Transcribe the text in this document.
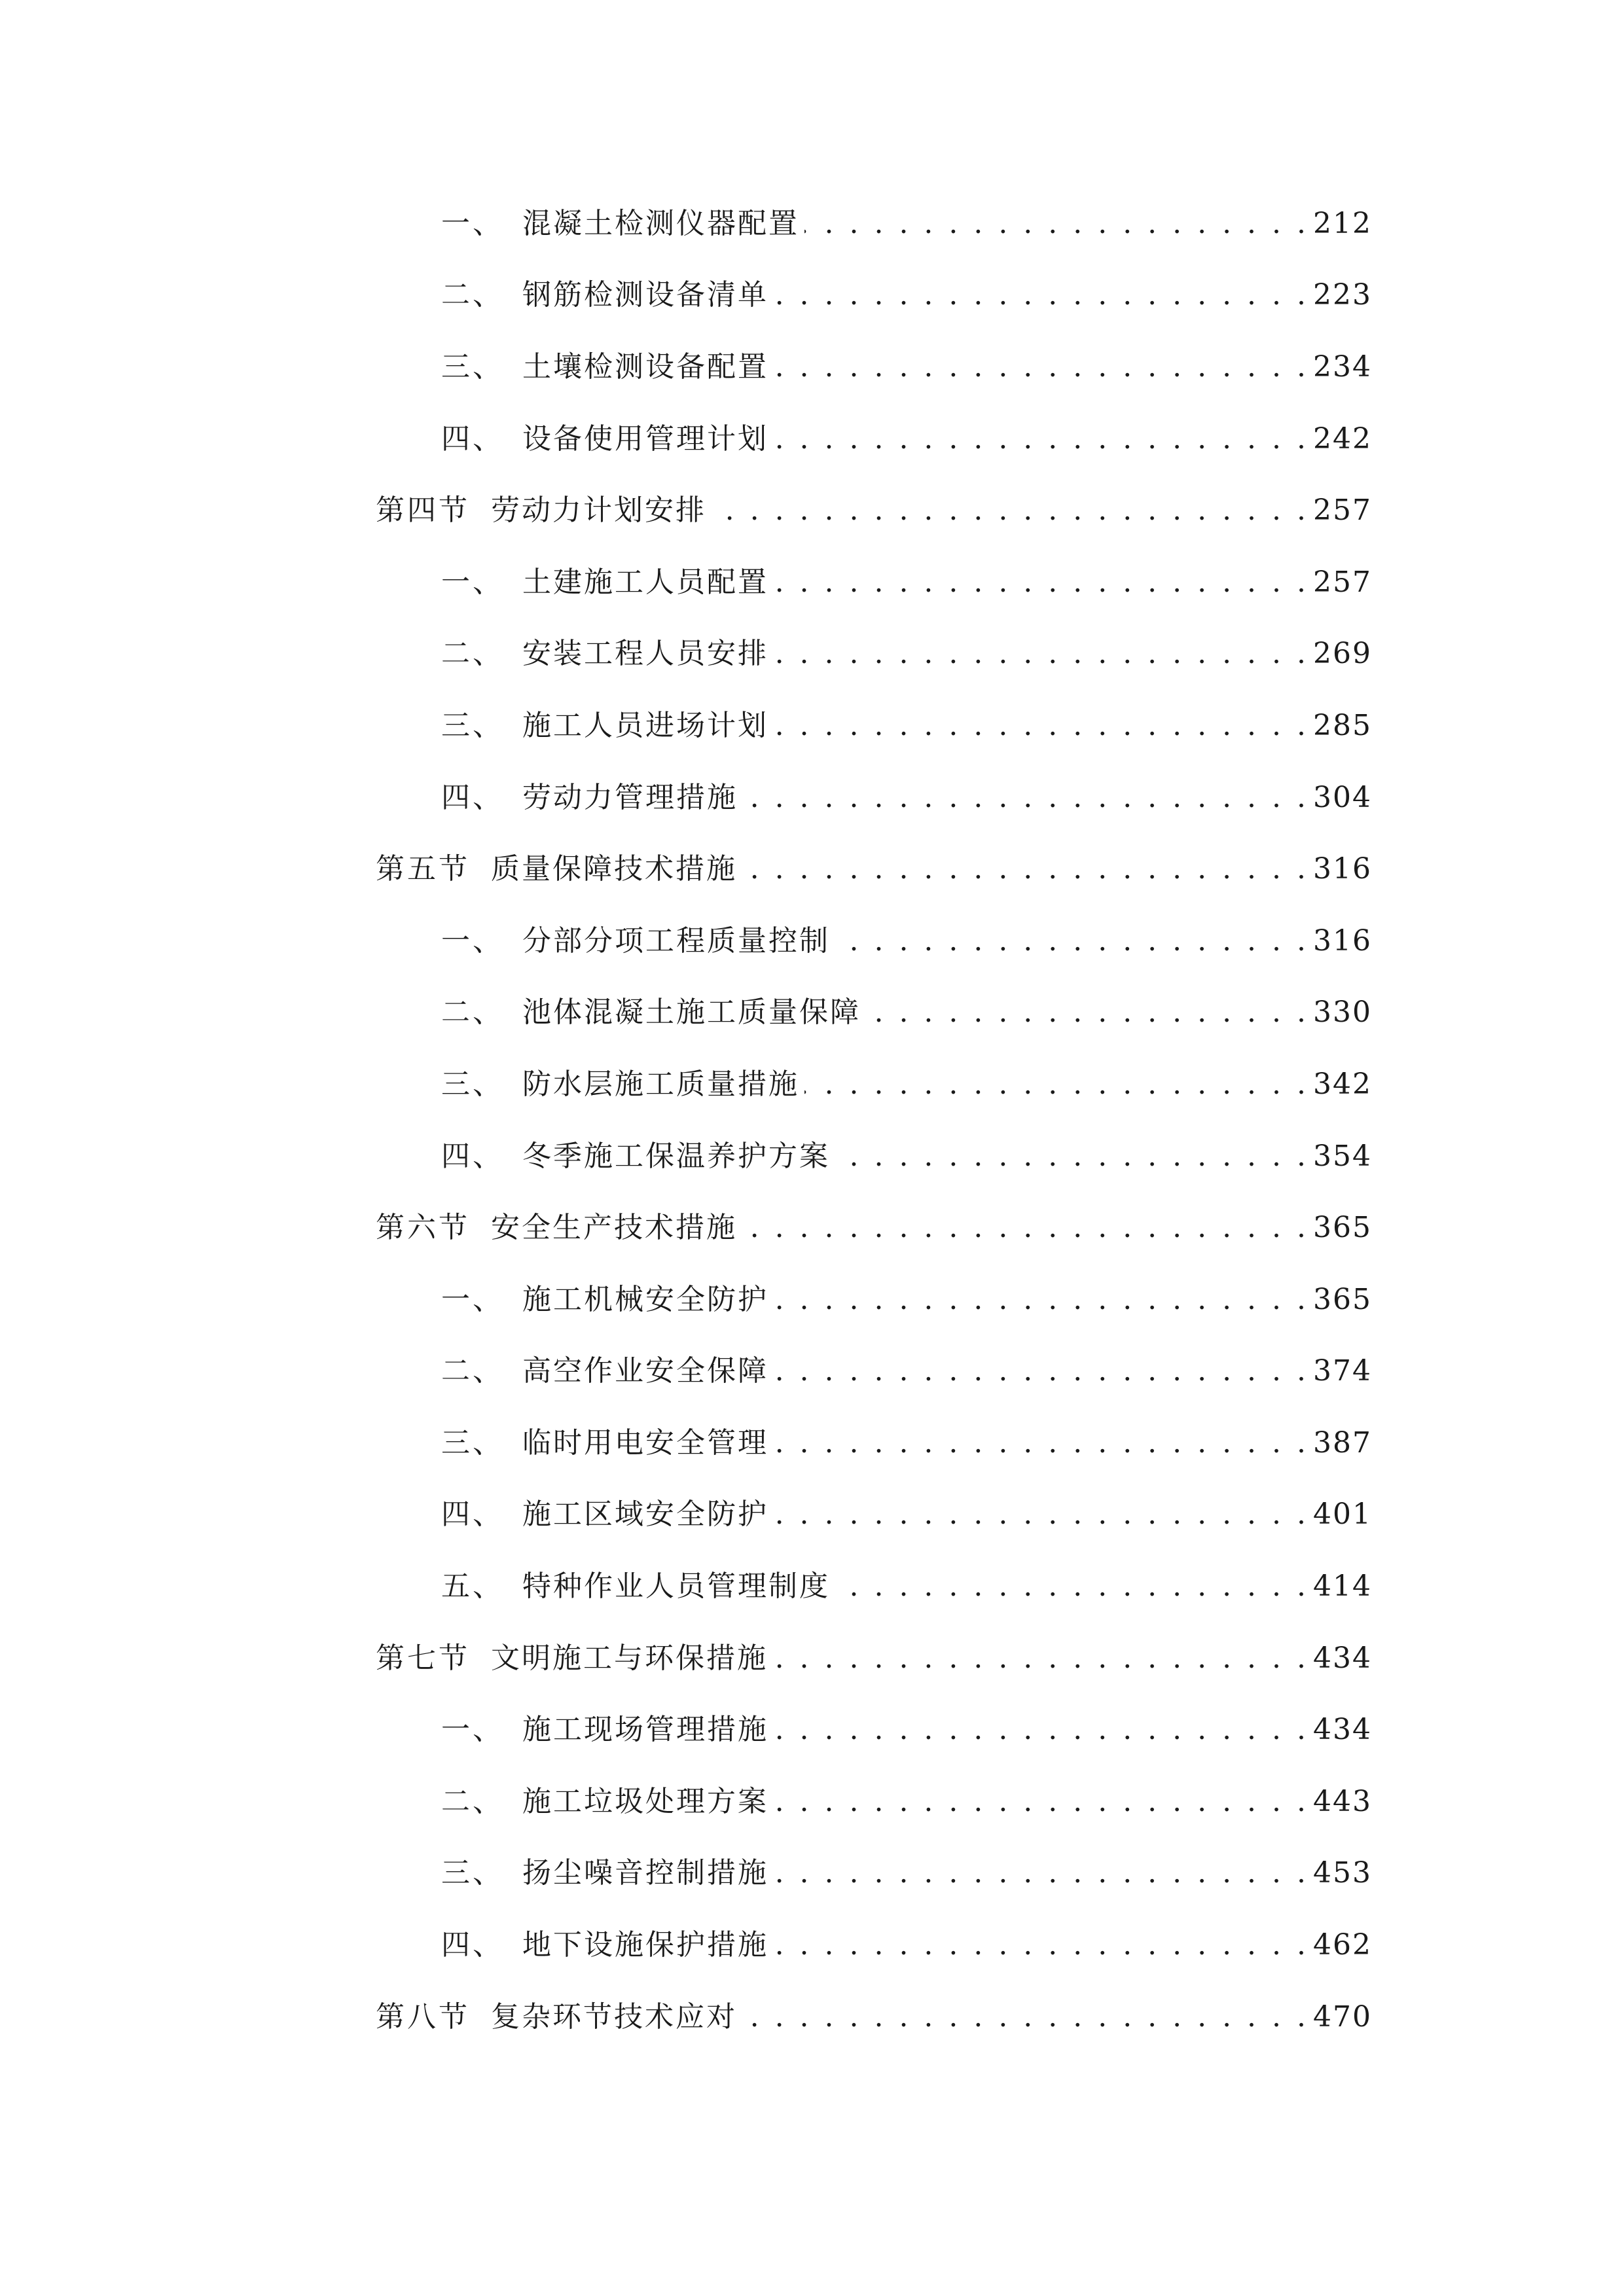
一、 混凝土检测仪器配置 . . .	212
二、 钢筋检测设备清单 . . .	223
三、 土壤检测设备配置 . . .	234
四、 设备使用管理计划 . . .	242
第四节 劳动力计划安排 . . .	257
一、 土建施工人员配置 . . .	257
二、 安装工程人员安排 . . .	269
三、 施工人员进场计划 . . .	285
四、 劳动力管理措施 . . .	304
第五节 质量保障技术措施 . . .	316
一、 分部分项工程质量控制 . . .	316
二、 池体混凝土施工质量保障 . . .	330
三、 防水层施工质量措施 . . .	342
四、 冬季施工保温养护方案 . . .	354
第六节 安全生产技术措施 . . .	365
一、 施工机械安全防护 . . .	365
二、 高空作业安全保障 . . .	374
三、 临时用电安全管理 . . .	387
四、 施工区域安全防护 . . .	401
五、 特种作业人员管理制度 . . .	414
第七节 文明施工与环保措施 . . .	434
一、 施工现场管理措施 . . .	434
二、 施工垃圾处理方案 . . .	443
三、 扬尘噪音控制措施 . . .	453
四、 地下设施保护措施 . . .	462
第八节 复杂环节技术应对 . . .	470
